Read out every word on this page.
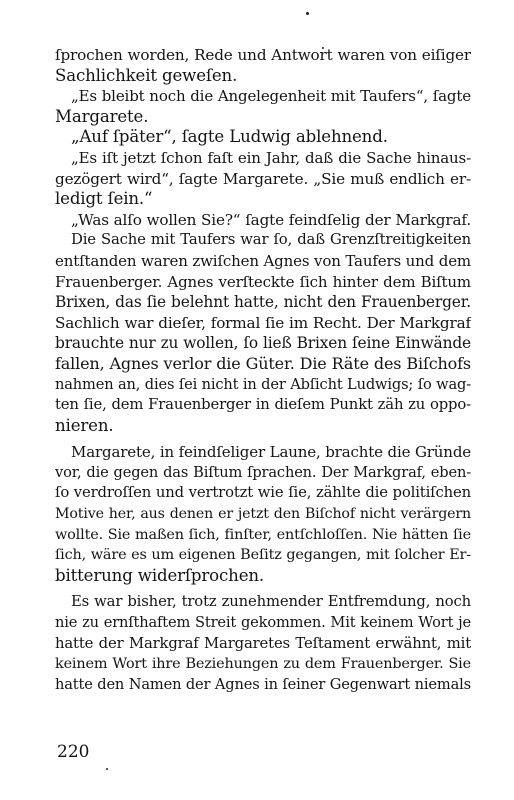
ſprochen worden, Rede und Antwort waren von eiſiger
Sachlichkeit geweſen.
„Es bleibt noch die Angelegenheit mit Taufers“, ſagte
Margarete.
„Auf ſpäter“, ſagte Ludwig ablehnend.
„Es iſt jetzt ſchon faſt ein Jahr, daß die Sache hinaus-
gezögert wird“, ſagte Margarete. „Sie muß endlich er-
ledigt ſein.“
„Was alſo wollen Sie?“ ſagte feindſelig der Markgraf.
Die Sache mit Taufers war ſo, daß Grenzſtreitigkeiten
entſtanden waren zwiſchen Agnes von Taufers und dem
Frauenberger. Agnes verſteckte ſich hinter dem Biſtum
Brixen, das ſie belehnt hatte, nicht den Frauenberger.
Sachlich war dieſer, formal ſie im Recht. Der Markgraf
brauchte nur zu wollen, ſo ließ Brixen ſeine Einwände
fallen, Agnes verlor die Güter. Die Räte des Biſchofs
nahmen an, dies ſei nicht in der Abſicht Ludwigs; ſo wag-
ten ſie, dem Frauenberger in dieſem Punkt zäh zu oppo-
nieren.
Margarete, in feindſeliger Laune, brachte die Gründe
vor, die gegen das Biſtum ſprachen. Der Markgraf, eben-
ſo verdroſſen und vertrotzt wie ſie, zählte die politiſchen
Motive her, aus denen er jetzt den Biſchof nicht verärgern
wollte. Sie maßen ſich, finſter, entſchloſſen. Nie hätten ſie
ſich, wäre es um eigenen Beſitz gegangen, mit ſolcher Er-
bitterung widerſprochen.
Es war bisher, trotz zunehmender Entfremdung, noch
nie zu ernſthaftem Streit gekommen. Mit keinem Wort je
hatte der Markgraf Margaretes Teſtament erwähnt, mit
keinem Wort ihre Beziehungen zu dem Frauenberger. Sie
hatte den Namen der Agnes in ſeiner Gegenwart niemals
220
